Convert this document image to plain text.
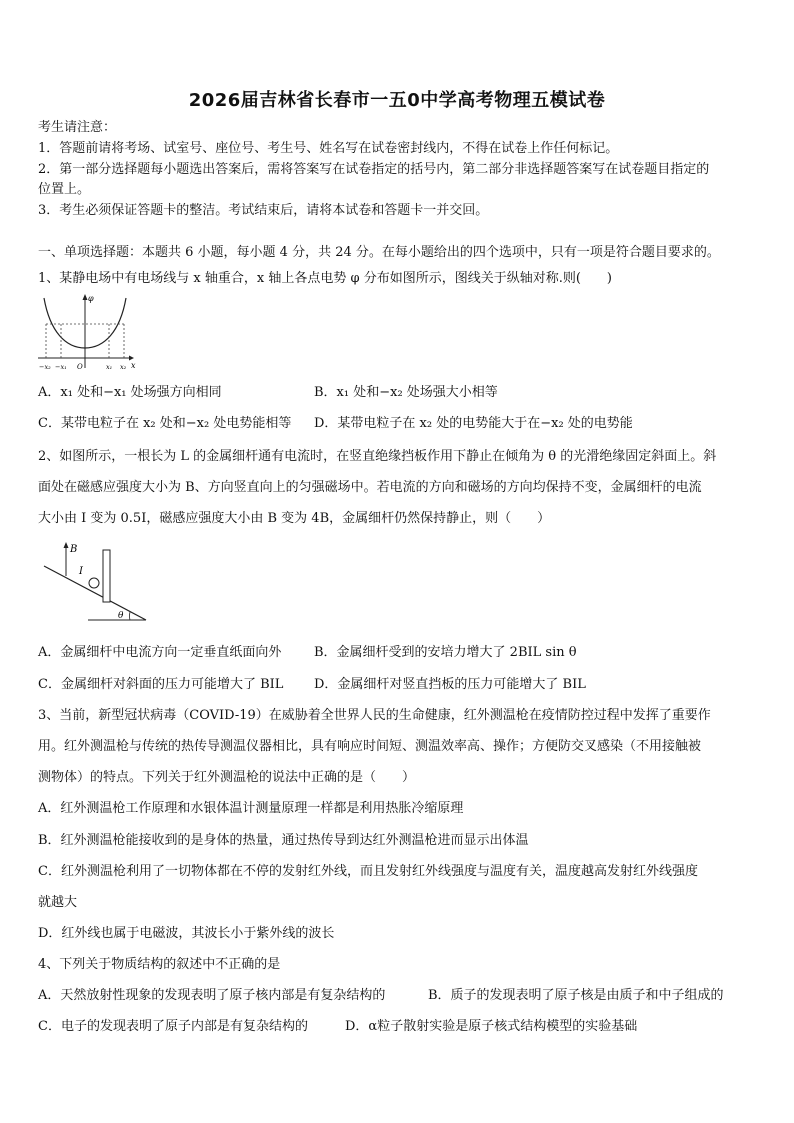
2026届吉林省长春市一五0中学高考物理五模试卷
考生请注意：
1．答题前请将考场、试室号、座位号、考生号、姓名写在试卷密封线内，不得在试卷上作任何标记。
2．第一部分选择题每小题选出答案后，需将答案写在试卷指定的括号内，第二部分非选择题答案写在试卷题目指定的
位置上。
3．考生必须保证答题卡的整洁。考试结束后，请将本试卷和答题卡一并交回。
一、单项选择题：本题共 6 小题，每小题 4 分，共 24 分。在每小题给出的四个选项中，只有一项是符合题目要求的。
1、某静电场中有电场线与 x 轴重合，x 轴上各点电势 φ 分布如图所示，图线关于纵轴对称.则(　　)
φ
x
−x₂ −x₁ O	x₁ x₂
A．x₁ 处和−x₁ 处场强方向相同	B．x₁ 处和−x₂ 处场强大小相等
C．某带电粒子在 x₂ 处和−x₂ 处电势能相等 D．某带电粒子在 x₂ 处的电势能大于在−x₂ 处的电势能
2、如图所示，一根长为 L 的金属细杆通有电流时，在竖直绝缘挡板作用下静止在倾角为 θ 的光滑绝缘固定斜面上。斜
面处在磁感应强度大小为 B、方向竖直向上的匀强磁场中。若电流的方向和磁场的方向均保持不变，金属细杆的电流
大小由 I 变为 0.5I，磁感应强度大小由 B 变为 4B，金属细杆仍然保持静止，则（　　）
B
I
θ
A．金属细杆中电流方向一定垂直纸面向外	B．金属细杆受到的安培力增大了 2BIL sin θ
C．金属细杆对斜面的压力可能增大了 BIL D．金属细杆对竖直挡板的压力可能增大了 BIL
3、当前，新型冠状病毒（COVID-19）在威胁着全世界人民的生命健康，红外测温枪在疫情防控过程中发挥了重要作
用。红外测温枪与传统的热传导测温仪器相比，具有响应时间短、测温效率高、操作；方便防交叉感染（不用接触被
测物体）的特点。下列关于红外测温枪的说法中正确的是（　　）
A．红外测温枪工作原理和水银体温计测量原理一样都是利用热胀冷缩原理
B．红外测温枪能接收到的是身体的热量，通过热传导到达红外测温枪进而显示出体温
C．红外测温枪利用了一切物体都在不停的发射红外线，而且发射红外线强度与温度有关，温度越高发射红外线强度
就越大
D．红外线也属于电磁波，其波长小于紫外线的波长
4、下列关于物质结构的叙述中不正确的是
A．天然放射性现象的发现表明了原子核内部是有复杂结构的	B．质子的发现表明了原子核是由质子和中子组成的
C．电子的发现表明了原子内部是有复杂结构的	D．α粒子散射实验是原子核式结构模型的实验基础
